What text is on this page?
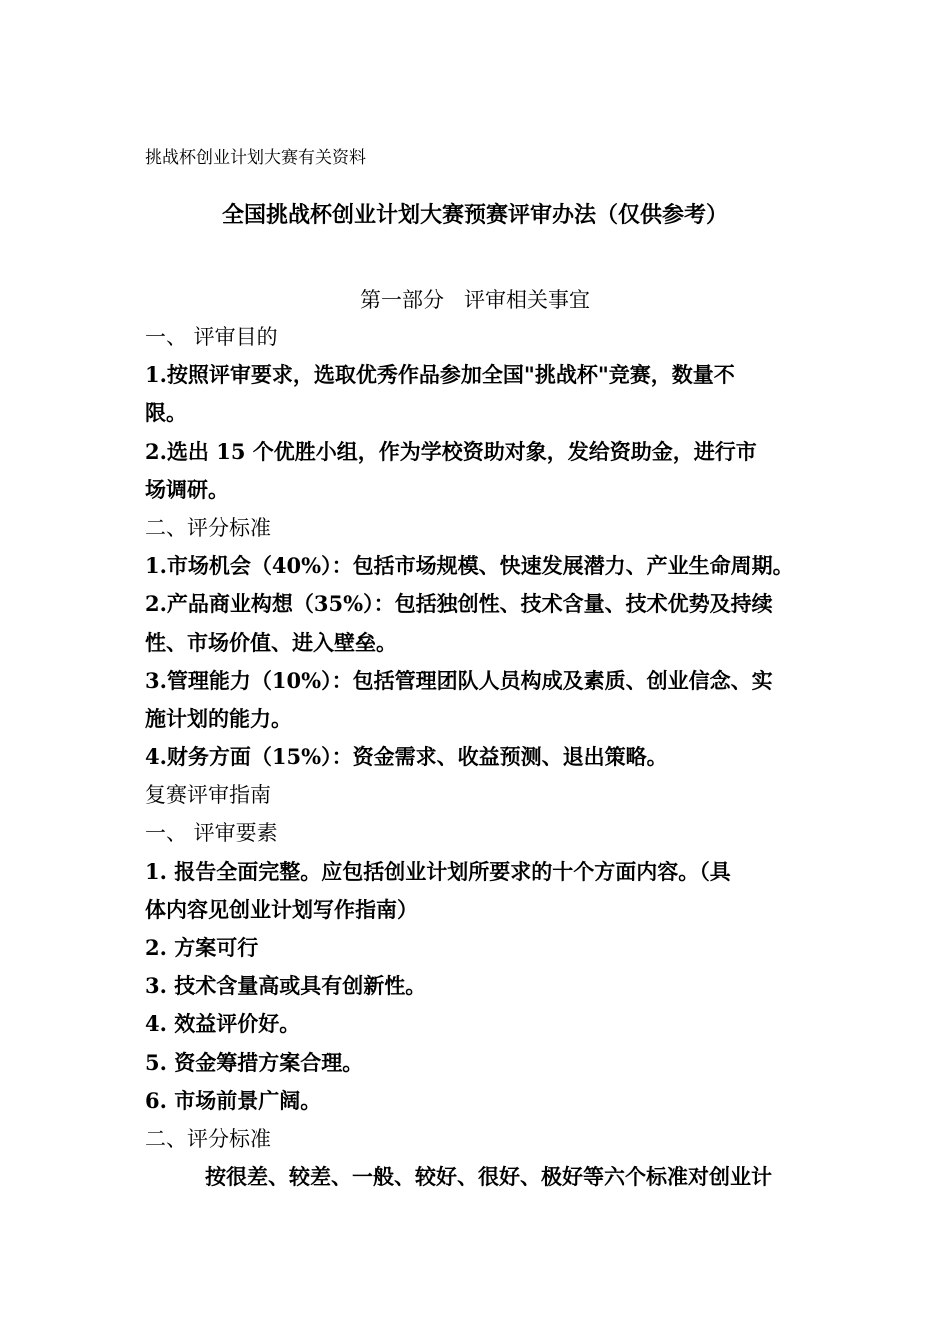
挑战杯创业计划大赛有关资料
全国挑战杯创业计划大赛预赛评审办法（仅供参考）
第一部分   评审相关事宜
一、 评审目的
1.按照评审要求，选取优秀作品参加全国"挑战杯"竞赛，数量不
限。
2.选出 15 个优胜小组，作为学校资助对象，发给资助金，进行市
场调研。
二、评分标准
1.市场机会（40%）：包括市场规模、快速发展潜力、产业生命周期。
2.产品商业构想（35%）：包括独创性、技术含量、技术优势及持续
性、市场价值、进入壁垒。
3.管理能力（10%）：包括管理团队人员构成及素质、创业信念、实
施计划的能力。
4.财务方面（15%）：资金需求、收益预测、退出策略。
复赛评审指南
一、 评审要素
1. 报告全面完整。应包括创业计划所要求的十个方面内容。（具
体内容见创业计划写作指南）
2. 方案可行
3. 技术含量高或具有创新性。
4. 效益评价好。
5. 资金筹措方案合理。
6. 市场前景广阔。
二、评分标准
按很差、较差、一般、较好、很好、极好等六个标准对创业计
